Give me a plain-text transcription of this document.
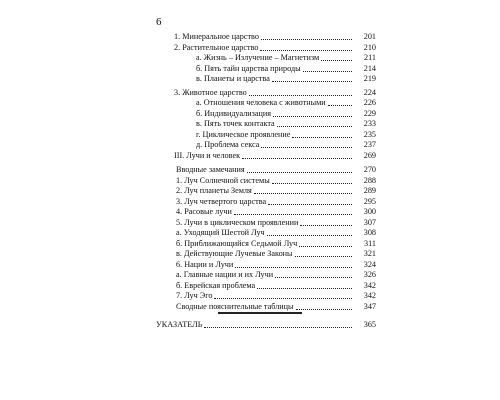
6
1. Минеральное царство	201
2. Растительное царство	210
а. Жизнь – Излучение – Магнетизм	211
б. Пять тайн царства природы	214
в. Планеты и царства	219
3. Животное царство	224
а. Отношения человека с животными	226
б. Индивидуализация	229
в. Пять точек контакта	233
г. Циклическое проявление	235
д. Проблема секса	237
III. Лучи и человек	269
Вводные замечания	270
1. Луч Солнечной системы	288
2. Луч планеты Земля	289
3. Луч четвертого царства	295
4. Расовые лучи	300
5. Лучи в циклическом проявлении	307
а. Уходящий Шестой Луч	308
б. Приближающийся Седьмой Луч	311
в. Действующие Лучевые Законы	321
6. Нации и Лучи	324
а. Главные нации и их Лучи	326
б. Еврейская проблема	342
7. Луч Эго	342
Сводные пояснительные таблицы	347
УКАЗАТЕЛЬ	365
